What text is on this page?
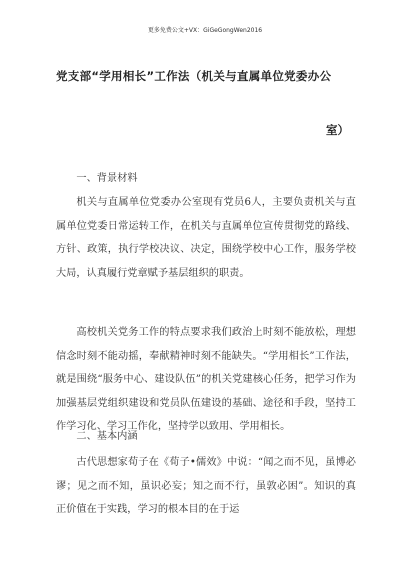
更多免费公文+VX：GiGeGongWen2016
党支部“学用相长”工作法（机关与直属单位党委办公
室）

一、背景材料

机关与直属单位党委办公室现有党员6人，主要负责机关与直属单位党委日常运转工作，在机关与直属单位宣传贯彻党的路线、方针、政策，执行学校决议、决定，围绕学校中心工作，服务学校大局，认真履行党章赋予基层组织的职责。

高校机关党务工作的特点要求我们政治上时刻不能放松，理想信念时刻不能动摇，奉献精神时刻不能缺失。“学用相长”工作法，就是围绕“服务中心、建设队伍”的机关党建核心任务，把学习作为加强基层党组织建设和党员队伍建设的基础、途径和手段，坚持工作学习化、学习工作化，坚持学以致用、学用相长。

二、基本内涵

古代思想家荀子在《荀子•儒效》中说：“闻之而不见，虽博必谬；见之而不知，虽识必妄；知之而不行，虽敦必困”。知识的真正价值在于实践，学习的根本目的在于运
